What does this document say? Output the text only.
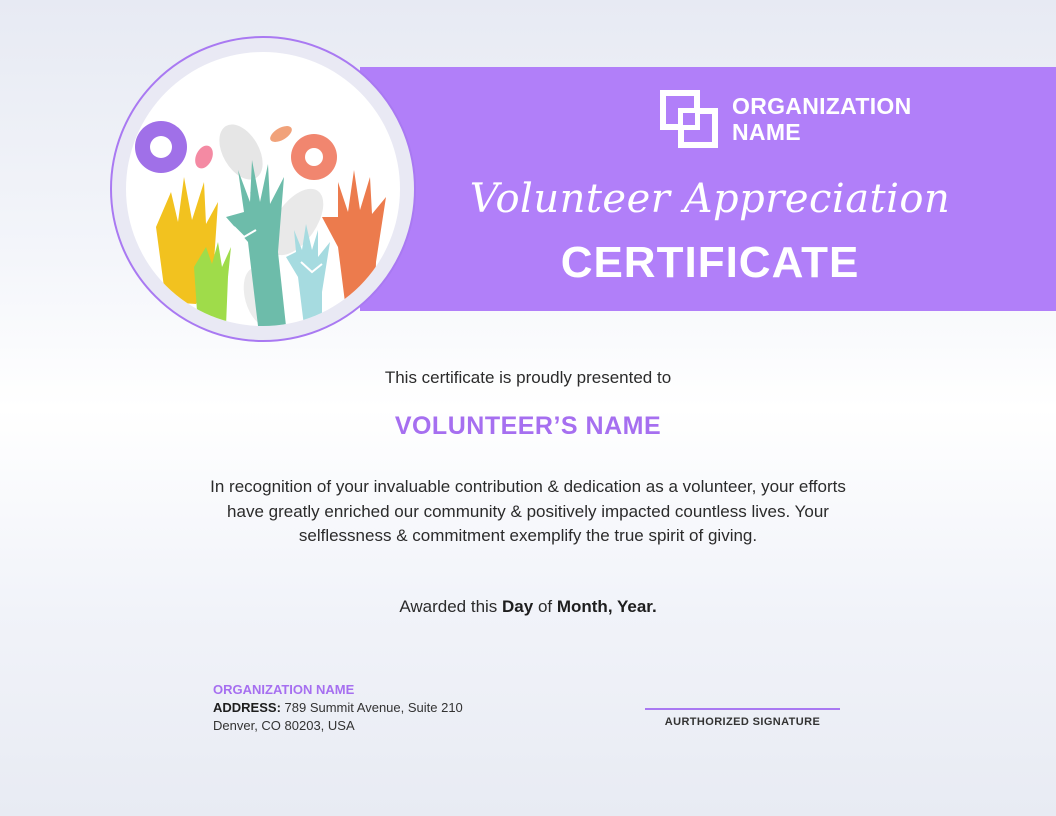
ORGANIZATION
NAME
Volunteer Appreciation
CERTIFICATE
This certificate is proudly presented to
VOLUNTEER’S NAME
In recognition of your invaluable contribution & dedication as a volunteer, your efforts have greatly enriched our community & positively impacted countless lives. Your selflessness & commitment exemplify the true spirit of giving.
Awarded this Day of Month, Year.
ORGANIZATION NAME
ADDRESS: 789 Summit Avenue, Suite 210
Denver, CO 80203, USA	AURTHORIZED SIGNATURE
